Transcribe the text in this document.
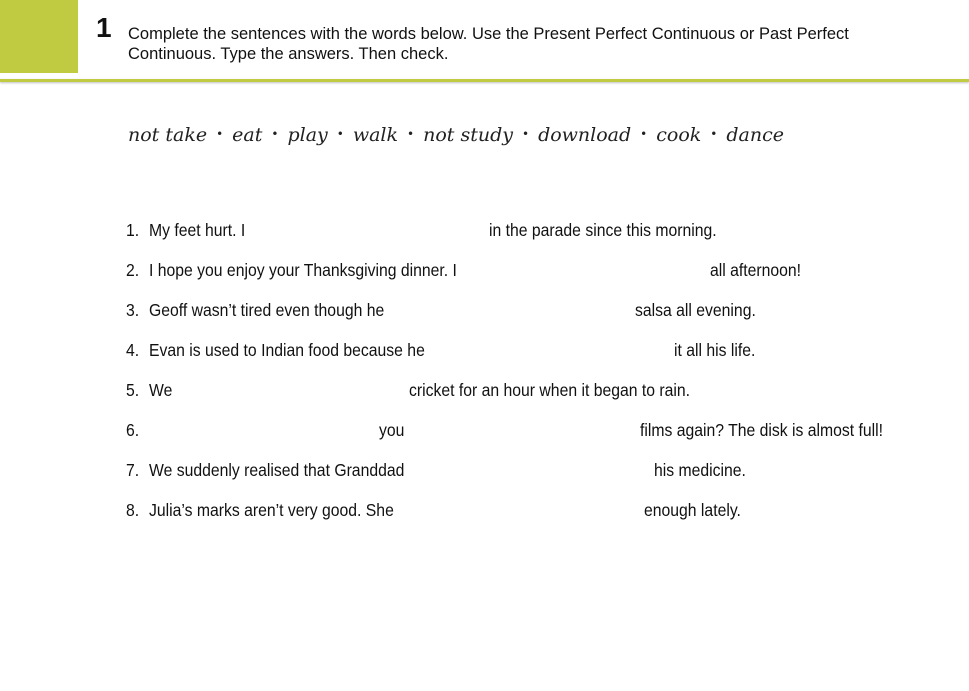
1 Complete the sentences with the words below. Use the Present Perfect Continuous or Past Perfect Continuous. Type the answers. Then check.
not take • eat • play • walk • not study • download • cook • dance
1. My feet hurt. I	in the parade since this morning.
2. I hope you enjoy your Thanksgiving dinner. I	all afternoon!
3. Geoff wasn’t tired even though he	salsa all evening.
4. Evan is used to Indian food because he	it all his life.
5. We	cricket for an hour when it began to rain.
6.	you	films again? The disk is almost full!
7. We suddenly realised that Granddad	his medicine.
8. Julia’s marks aren’t very good. She	enough lately.
